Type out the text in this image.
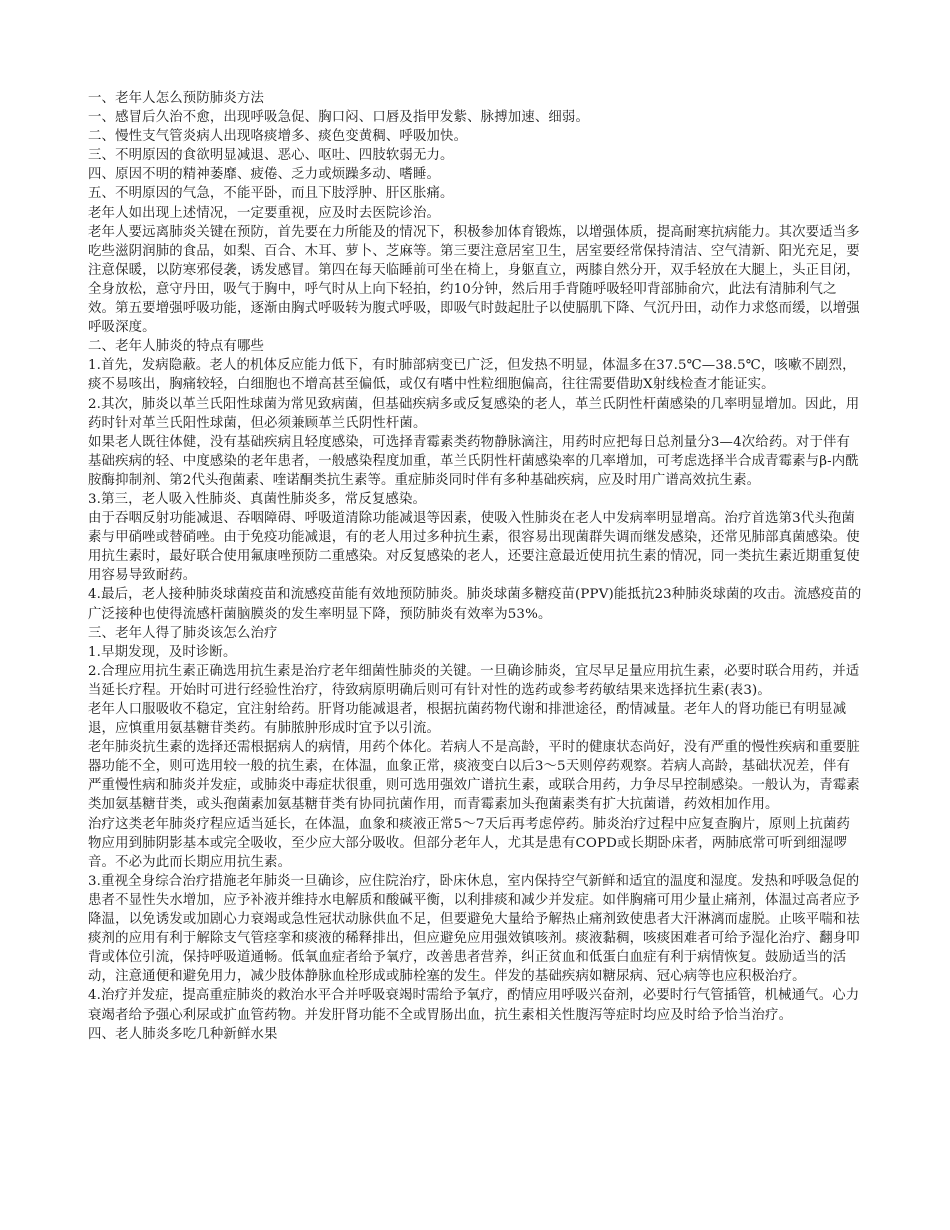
一、老年人怎么预防肺炎方法
一、感冒后久治不愈，出现呼吸急促、胸口闷、口唇及指甲发紫、脉搏加速、细弱。
二、慢性支气管炎病人出现咯痰增多、痰色变黄稠、呼吸加快。
三、不明原因的食欲明显减退、恶心、呕吐、四肢软弱无力。
四、原因不明的精神萎靡、疲倦、乏力或烦躁多动、嗜睡。
五、不明原因的气急，不能平卧，而且下肢浮肿、肝区胀痛。
老年人如出现上述情况，一定要重视，应及时去医院诊治。
老年人要远离肺炎关键在预防，首先要在力所能及的情况下，积极参加体育锻炼，以增强体质，提高耐寒抗病能力。其次要适当多吃些滋阴润肺的食品，如梨、百合、木耳、萝卜、芝麻等。第三要注意居室卫生，居室要经常保持清洁、空气清新、阳光充足，要注意保暖，以防寒邪侵袭，诱发感冒。第四在每天临睡前可坐在椅上，身躯直立，两膝自然分开，双手轻放在大腿上，头正目闭，全身放松，意守丹田，吸气于胸中，呼气时从上向下轻拍，约10分钟，然后用手背随呼吸轻叩背部肺俞穴，此法有清肺利气之效。第五要增强呼吸功能，逐渐由胸式呼吸转为腹式呼吸，即吸气时鼓起肚子以使膈肌下降、气沉丹田，动作力求悠而缓，以增强呼吸深度。
二、老年人肺炎的特点有哪些
1.首先，发病隐蔽。老人的机体反应能力低下，有时肺部病变已广泛，但发热不明显，体温多在37.5℃—38.5℃，咳嗽不剧烈，痰不易咳出，胸痛较轻，白细胞也不增高甚至偏低，或仅有嗜中性粒细胞偏高，往往需要借助X射线检查才能证实。
2.其次，肺炎以革兰氏阳性球菌为常见致病菌，但基础疾病多或反复感染的老人，革兰氏阴性杆菌感染的几率明显增加。因此，用药时针对革兰氏阳性球菌，但必须兼顾革兰氏阴性杆菌。
如果老人既往体健，没有基础疾病且轻度感染，可选择青霉素类药物静脉滴注，用药时应把每日总剂量分3—4次给药。对于伴有基础疾病的轻、中度感染的老年患者，一般感染程度加重，革兰氏阴性杆菌感染率的几率增加，可考虑选择半合成青霉素与β-内酰胺酶抑制剂、第2代头孢菌素、喹诺酮类抗生素等。重症肺炎同时伴有多种基础疾病，应及时用广谱高效抗生素。
3.第三，老人吸入性肺炎、真菌性肺炎多，常反复感染。
由于吞咽反射功能减退、吞咽障碍、呼吸道清除功能减退等因素，使吸入性肺炎在老人中发病率明显增高。治疗首选第3代头孢菌素与甲硝唑或替硝唑。由于免疫功能减退，有的老人用过多种抗生素，很容易出现菌群失调而继发感染，还常见肺部真菌感染。使用抗生素时，最好联合使用氟康唑预防二重感染。对反复感染的老人，还要注意最近使用抗生素的情况，同一类抗生素近期重复使用容易导致耐药。
4.最后，老人接种肺炎球菌疫苗和流感疫苗能有效地预防肺炎。肺炎球菌多糖疫苗(PPV)能抵抗23种肺炎球菌的攻击。流感疫苗的广泛接种也使得流感杆菌脑膜炎的发生率明显下降，预防肺炎有效率为53%。
三、老年人得了肺炎该怎么治疗
1.早期发现，及时诊断。
2.合理应用抗生素正确选用抗生素是治疗老年细菌性肺炎的关键。一旦确诊肺炎，宜尽早足量应用抗生素，必要时联合用药，并适当延长疗程。开始时可进行经验性治疗，待致病原明确后则可有针对性的选药或参考药敏结果来选择抗生素(表3)。
老年人口服吸收不稳定，宜注射给药。肝肾功能减退者，根据抗菌药物代谢和排泄途径，酌情减量。老年人的肾功能已有明显减退，应慎重用氨基糖苷类药。有肺脓肿形成时宜予以引流。
老年肺炎抗生素的选择还需根据病人的病情，用药个体化。若病人不是高龄，平时的健康状态尚好，没有严重的慢性疾病和重要脏器功能不全，则可选用较一般的抗生素，在体温，血象正常，痰液变白以后3～5天则停药观察。若病人高龄，基础状况差，伴有严重慢性病和肺炎并发症，或肺炎中毒症状很重，则可选用强效广谱抗生素，或联合用药，力争尽早控制感染。一般认为，青霉素类加氨基糖苷类，或头孢菌素加氨基糖苷类有协同抗菌作用，而青霉素加头孢菌素类有扩大抗菌谱，药效相加作用。
治疗这类老年肺炎疗程应适当延长，在体温，血象和痰液正常5～7天后再考虑停药。肺炎治疗过程中应复查胸片，原则上抗菌药物应用到肺阴影基本或完全吸收，至少应大部分吸收。但部分老年人，尤其是患有COPD或长期卧床者，两肺底常可听到细湿啰音。不必为此而长期应用抗生素。
3.重视全身综合治疗措施老年肺炎一旦确诊，应住院治疗，卧床休息，室内保持空气新鲜和适宜的温度和湿度。发热和呼吸急促的患者不显性失水增加，应予补液并维持水电解质和酸碱平衡，以利排痰和减少并发症。如伴胸痛可用少量止痛剂，体温过高者应予降温，以免诱发或加剧心力衰竭或急性冠状动脉供血不足，但要避免大量给予解热止痛剂致使患者大汗淋漓而虚脱。止咳平喘和祛痰剂的应用有利于解除支气管痉挛和痰液的稀释排出，但应避免应用强效镇咳剂。痰液黏稠，咳痰困难者可给予湿化治疗、翻身叩背或体位引流，保持呼吸道通畅。低氧血症者给予氧疗，改善患者营养，纠正贫血和低蛋白血症有利于病情恢复。鼓励适当的活动，注意通便和避免用力，减少肢体静脉血栓形成或肺栓塞的发生。伴发的基础疾病如糖尿病、冠心病等也应积极治疗。
4.治疗并发症，提高重症肺炎的救治水平合并呼吸衰竭时需给予氧疗，酌情应用呼吸兴奋剂，必要时行气管插管，机械通气。心力衰竭者给予强心利尿或扩血管药物。并发肝肾功能不全或胃肠出血，抗生素相关性腹泻等症时均应及时给予恰当治疗。
四、老人肺炎多吃几种新鲜水果
